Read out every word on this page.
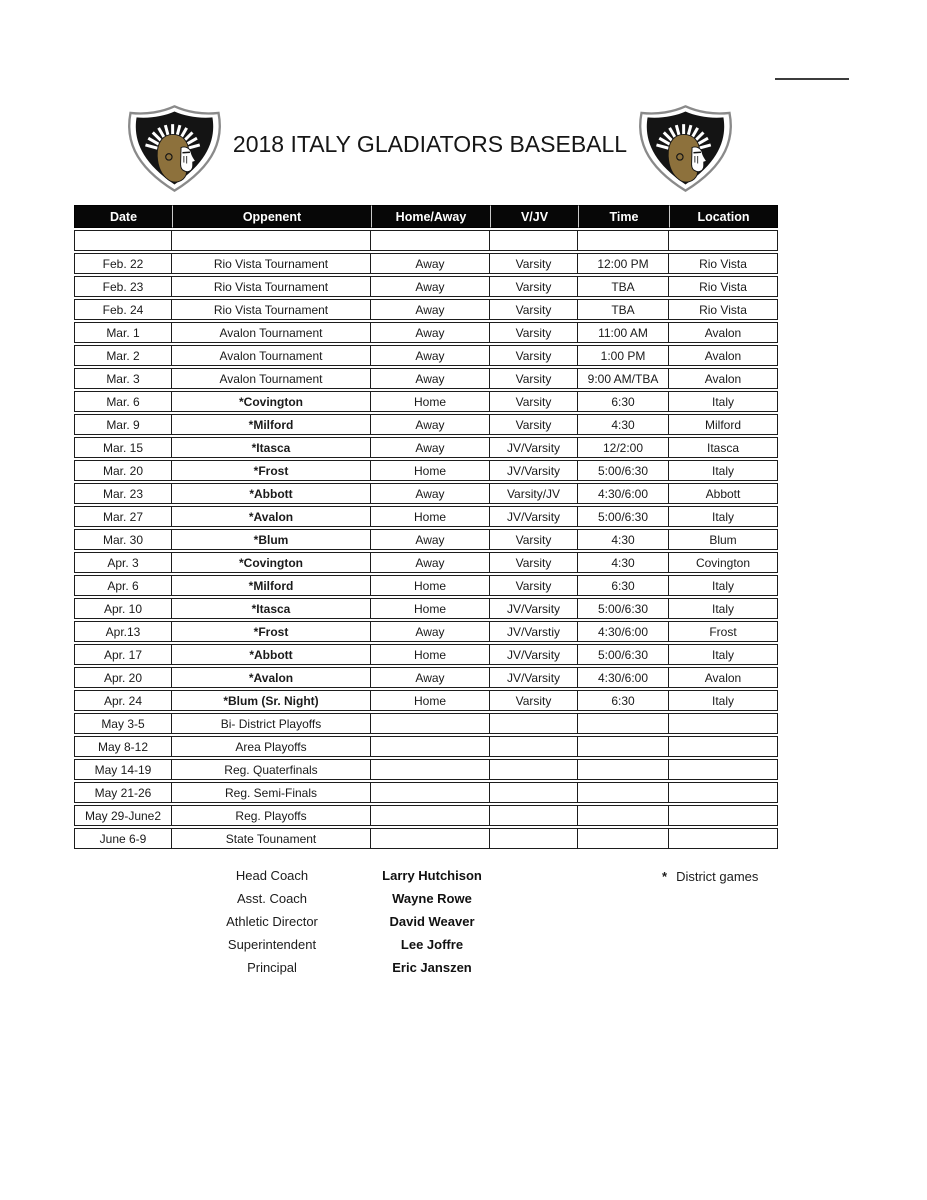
2018 ITALY GLADIATORS BASEBALL
Date	Oppenent	Home/Away	V/JV	Time	Location

Feb. 22	Rio Vista Tournament	Away	Varsity	12:00 PM	Rio Vista
Feb. 23	Rio Vista Tournament	Away	Varsity	TBA	Rio Vista
Feb. 24	Rio Vista Tournament	Away	Varsity	TBA	Rio Vista
Mar. 1	Avalon Tournament	Away	Varsity	11:00 AM	Avalon
Mar. 2	Avalon Tournament	Away	Varsity	1:00 PM	Avalon
Mar. 3	Avalon Tournament	Away	Varsity	9:00 AM/TBA	Avalon
Mar. 6	*Covington	Home	Varsity	6:30	Italy
Mar. 9	*Milford	Away	Varsity	4:30	Milford
Mar. 15	*Itasca	Away	JV/Varsity	12/2:00	Itasca
Mar. 20	*Frost	Home	JV/Varsity	5:00/6:30	Italy
Mar. 23	*Abbott	Away	Varsity/JV	4:30/6:00	Abbott
Mar. 27	*Avalon	Home	JV/Varsity	5:00/6:30	Italy
Mar. 30	*Blum	Away	Varsity	4:30	Blum
Apr. 3	*Covington	Away	Varsity	4:30	Covington
Apr. 6	*Milford	Home	Varsity	6:30	Italy
Apr. 10	*Itasca	Home	JV/Varsity	5:00/6:30	Italy
Apr.13	*Frost	Away	JV/Varstiy	4:30/6:00	Frost
Apr. 17	*Abbott	Home	JV/Varsity	5:00/6:30	Italy
Apr. 20	*Avalon	Away	JV/Varsity	4:30/6:00	Avalon
Apr. 24	*Blum (Sr. Night)	Home	Varsity	6:30	Italy
May 3-5	Bi- District Playoffs				
May 8-12	Area Playoffs				
May 14-19	Reg. Quaterfinals				
May 21-26	Reg. Semi-Finals				
May 29-June2	Reg. Playoffs				
June 6-9	State Tounament				
Head Coach	Larry Hutchison
Asst. Coach	Wayne Rowe
Athletic Director	David Weaver
Superintendent	Lee Joffre
Principal	Eric Janszen
* District games
